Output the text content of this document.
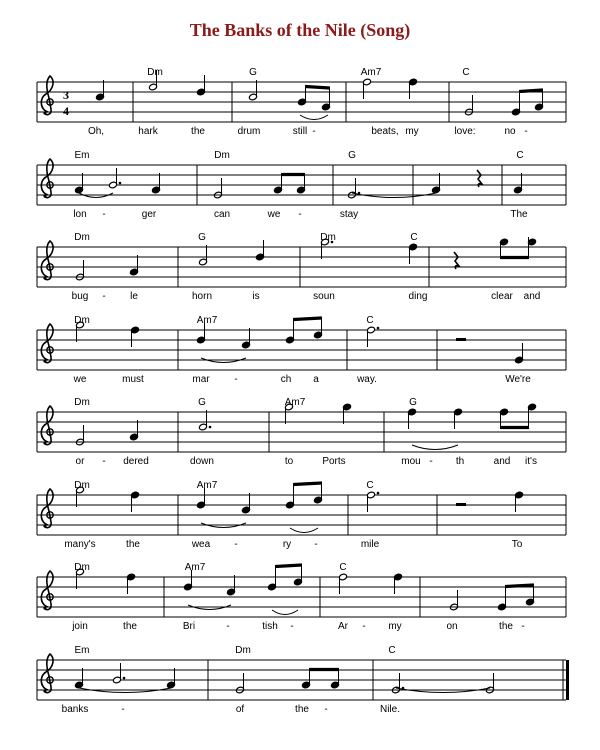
The Banks of the Nile (Song)
3
4
Dm	G	Am7	C
Oh,	hark	the	drum	still -	beats, my	love:	no -
Em	Dm	G	C
lon -	ger	can	we -	stay	The
Dm	G	Dm	C
bug - le	horn	is	soun	ding	clear and
Dm	Am7	C
we	must	mar -	ch a	way.	We're
Dm	G	Am7	G
or - dered	down	to	Ports	mou - th	and it's
Dm	Am7	C
many's	the	wea -	ry -	mile	To
Dm	Am7	C
join	the	Bri	-	tish -	Ar - my	on	the -
Em	Dm	C
banks	-	of	the -	Nile.
